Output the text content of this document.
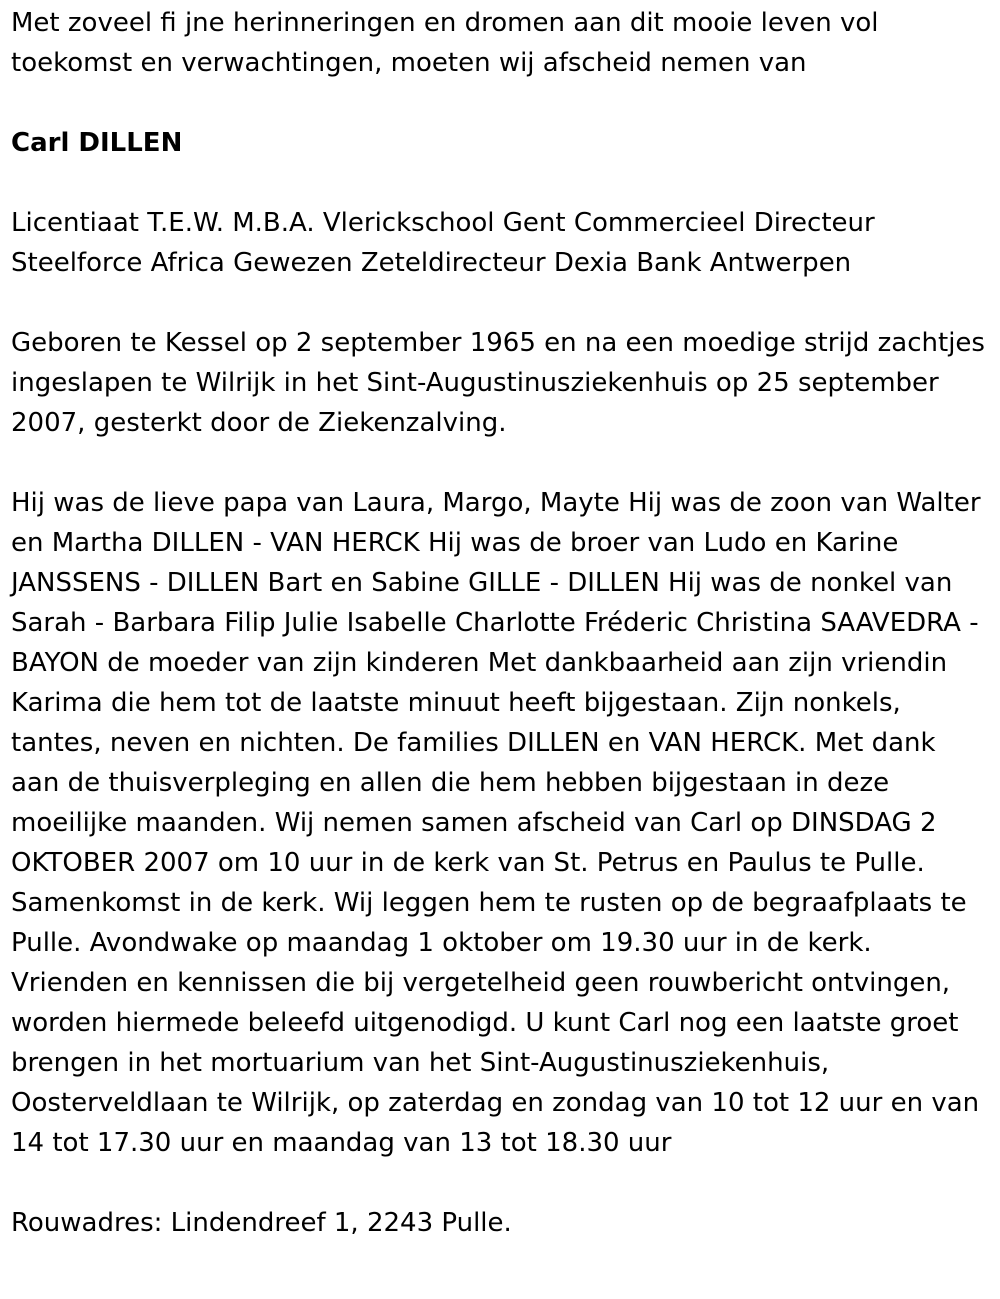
Met zoveel fi jne herinneringen en dromen aan dit mooie leven vol toekomst en verwachtingen, moeten wij afscheid nemen van

Carl DILLEN

Licentiaat T.E.W. M.B.A. Vlerickschool Gent Commercieel Directeur Steelforce Africa Gewezen Zeteldirecteur Dexia Bank Antwerpen

Geboren te Kessel op 2 september 1965 en na een moedige strijd zachtjes ingeslapen te Wilrijk in het Sint-Augustinusziekenhuis op 25 september 2007, gesterkt door de Ziekenzalving.

Hij was de lieve papa van Laura, Margo, Mayte Hij was de zoon van Walter en Martha DILLEN - VAN HERCK Hij was de broer van Ludo en Karine JANSSENS - DILLEN Bart en Sabine GILLE - DILLEN Hij was de nonkel van Sarah - Barbara Filip Julie Isabelle Charlotte Fréderic Christina SAAVEDRA - BAYON de moeder van zijn kinderen Met dankbaarheid aan zijn vriendin Karima die hem tot de laatste minuut heeft bijgestaan. Zijn nonkels, tantes, neven en nichten. De families DILLEN en VAN HERCK. Met dank aan de thuisverpleging en allen die hem hebben bijgestaan in deze moeilijke maanden. Wij nemen samen afscheid van Carl op DINSDAG 2 OKTOBER 2007 om 10 uur in de kerk van St. Petrus en Paulus te Pulle. Samenkomst in de kerk. Wij leggen hem te rusten op de begraafplaats te Pulle. Avondwake op maandag 1 oktober om 19.30 uur in de kerk. Vrienden en kennissen die bij vergetelheid geen rouwbericht ontvingen, worden hiermede beleefd uitgenodigd. U kunt Carl nog een laatste groet brengen in het mortuarium van het Sint-Augustinusziekenhuis, Oosterveldlaan te Wilrijk, op zaterdag en zondag van 10 tot 12 uur en van 14 tot 17.30 uur en maandag van 13 tot 18.30 uur

Rouwadres: Lindendreef 1, 2243 Pulle.
